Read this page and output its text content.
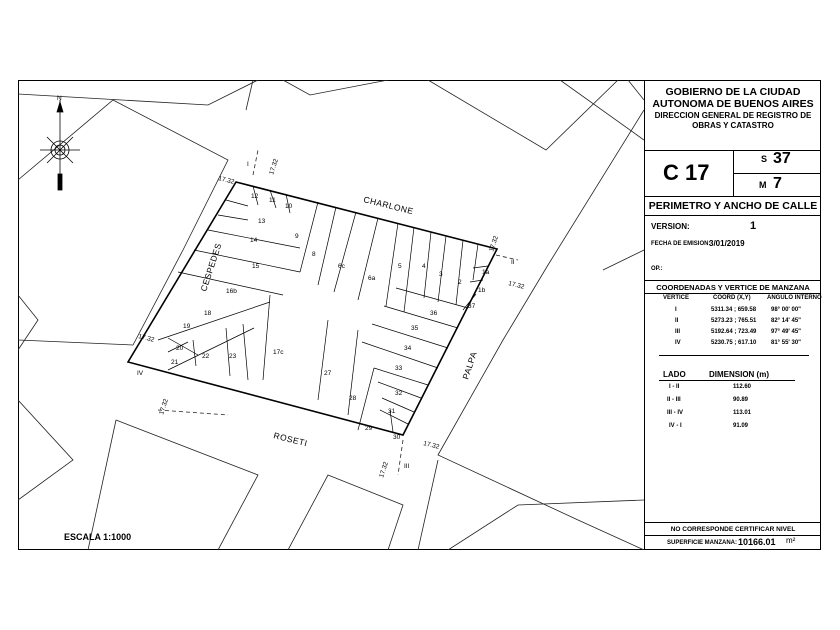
12
11
10
13
9
14
8
6c
6a
5	4
3
2
1a
1b
37
15
16b
18
19
20
21
22	23
17c
27
28
29
30
31
32
33
34
35
36
CHARLONE
CESPEDES
PALPA
ROSETI
17.32
17.32
17.32
17.32
17.32
17.32
17.32
17.32
I
II
III
IV
N
ESCALA 1:1000
GOBIERNO DE LA CIUDAD
AUTONOMA DE BUENOS AIRES
DIRECCION GENERAL DE REGISTRO DE
OBRAS Y CATASTRO
C 17
S 37
M 7
PERIMETRO Y ANCHO DE CALLE
VERSION:	1
FECHA DE EMISION:
3/01/2019
OP.:
COORDENADAS Y VERTICE DE MANZANA
VERTICE	COORD (X,Y)	ANGULO INTERNO
I	5311.34 ; 659.58 98° 00' 00"
II	5273.23 ; 765.51 82° 14' 45"
III	5192.64 ; 723.49 97° 49' 45"
IV	5230.75 ; 617.10 81° 55' 30"
LADO	DIMENSION (m)
I - II	112.60
II - III	90.89
III - IV	113.01
IV - I	91.09
NO CORRESPONDE CERTIFICAR NIVEL
SUPERFICIE MANZANA: 10166.01 m²
